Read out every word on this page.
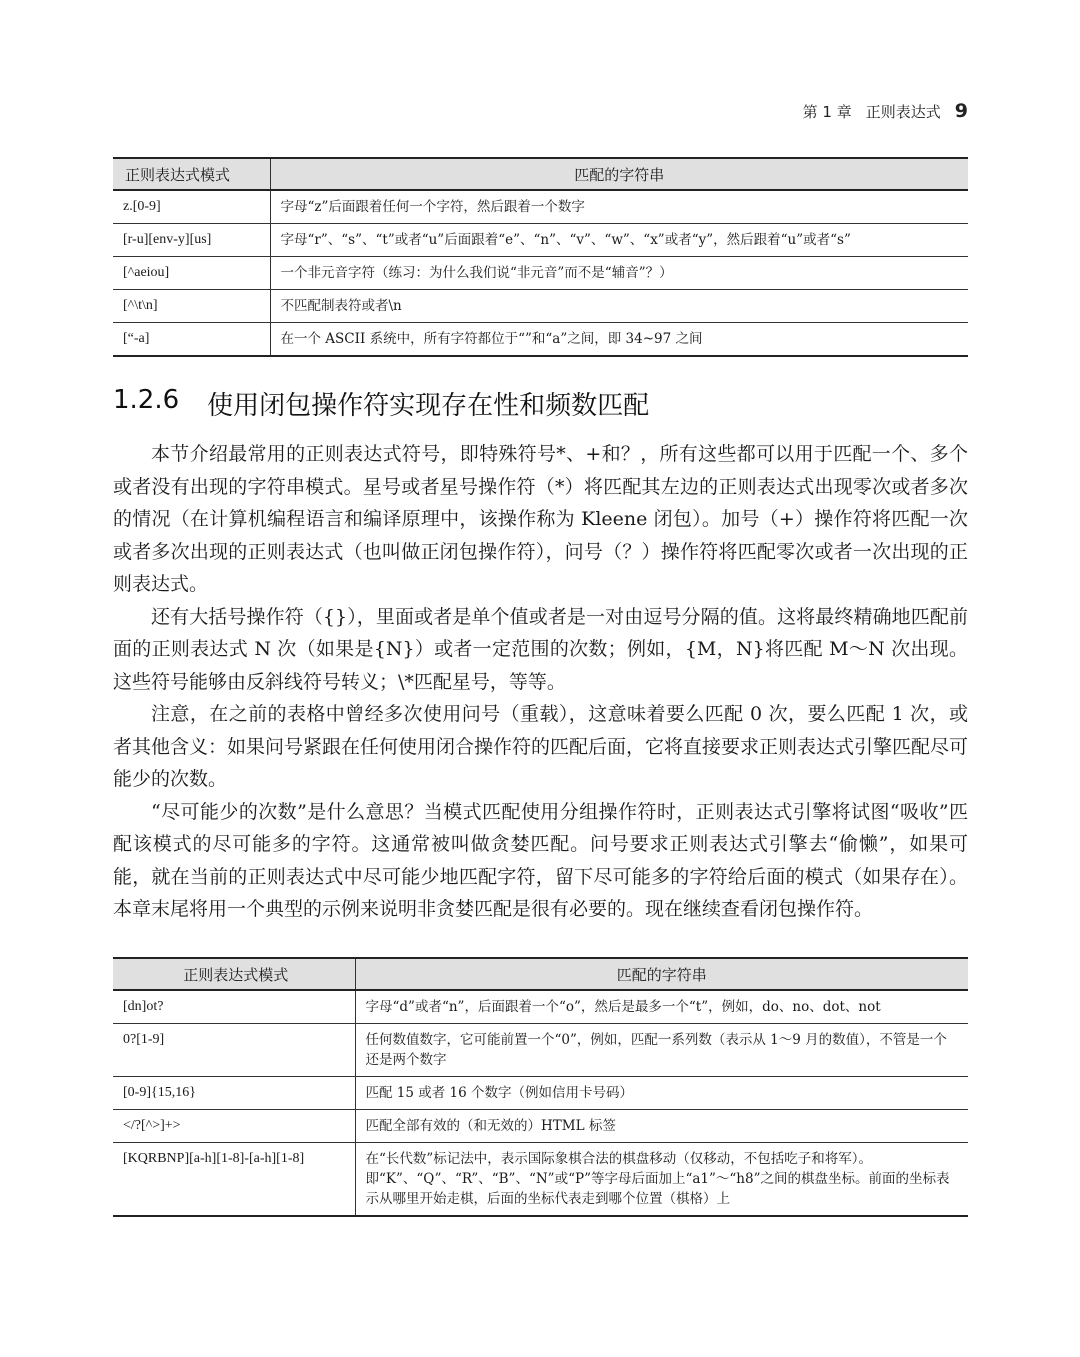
第 1 章 正则表达式 9
正则表达式模式	匹配的字符串
z.[0-9]	字母“z”后面跟着任何一个字符，然后跟着一个数字
[r-u][env-y][us]	字母“r”、“s”、“t”或者“u”后面跟着“e”、“n”、“v”、“w”、“x”或者“y”，然后跟着“u”或者“s”
[^aeiou]	一个非元音字符（练习：为什么我们说“非元音”而不是“辅音”？）
[^\t\n]	不匹配制表符或者\n
[“-a]	在一个 ASCII 系统中，所有字符都位于“”和“a”之间，即 34~97 之间
1.2.6 使用闭包操作符实现存在性和频数匹配

本节介绍最常用的正则表达式符号，即特殊符号*、+和？，所有这些都可以用于匹配一个、多个或者没有出现的字符串模式。星号或者星号操作符（*）将匹配其左边的正则表达式出现零次或者多次的情况（在计算机编程语言和编译原理中，该操作称为 Kleene 闭包）。加号（+）操作符将匹配一次或者多次出现的正则表达式（也叫做正闭包操作符），问号（？）操作符将匹配零次或者一次出现的正则表达式。

还有大括号操作符（{}），里面或者是单个值或者是一对由逗号分隔的值。这将最终精确地匹配前面的正则表达式 N 次（如果是{N}）或者一定范围的次数；例如，{M，N}将匹配 M～N 次出现。这些符号能够由反斜线符号转义；\*匹配星号，等等。

注意，在之前的表格中曾经多次使用问号（重载），这意味着要么匹配 0 次，要么匹配 1 次，或者其他含义：如果问号紧跟在任何使用闭合操作符的匹配后面，它将直接要求正则表达式引擎匹配尽可能少的次数。

“尽可能少的次数”是什么意思？当模式匹配使用分组操作符时，正则表达式引擎将试图“吸收”匹配该模式的尽可能多的字符。这通常被叫做贪婪匹配。问号要求正则表达式引擎去“偷懒”，如果可能，就在当前的正则表达式中尽可能少地匹配字符，留下尽可能多的字符给后面的模式（如果存在）。本章末尾将用一个典型的示例来说明非贪婪匹配是很有必要的。现在继续查看闭包操作符。

正则表达式模式	匹配的字符串
[dn]ot?	字母“d”或者“n”，后面跟着一个“o”，然后是最多一个“t”，例如，do、no、dot、not
0?[1-9]	任何数值数字，它可能前置一个“0”，例如，匹配一系列数（表示从 1～9 月的数值），不管是一个还是两个数字
[0-9]{15,16}	匹配 15 或者 16 个数字（例如信用卡号码）
</?[^>]+>	匹配全部有效的（和无效的）HTML 标签
[KQRBNP][a-h][1-8]-[a-h][1-8]	在“长代数”标记法中，表示国际象棋合法的棋盘移动（仅移动，不包括吃子和将军）。即“K”、“Q”、“R”、“B”、“N”或“P”等字母后面加上“a1”～“h8”之间的棋盘坐标。前面的坐标表示从哪里开始走棋，后面的坐标代表走到哪个位置（棋格）上
